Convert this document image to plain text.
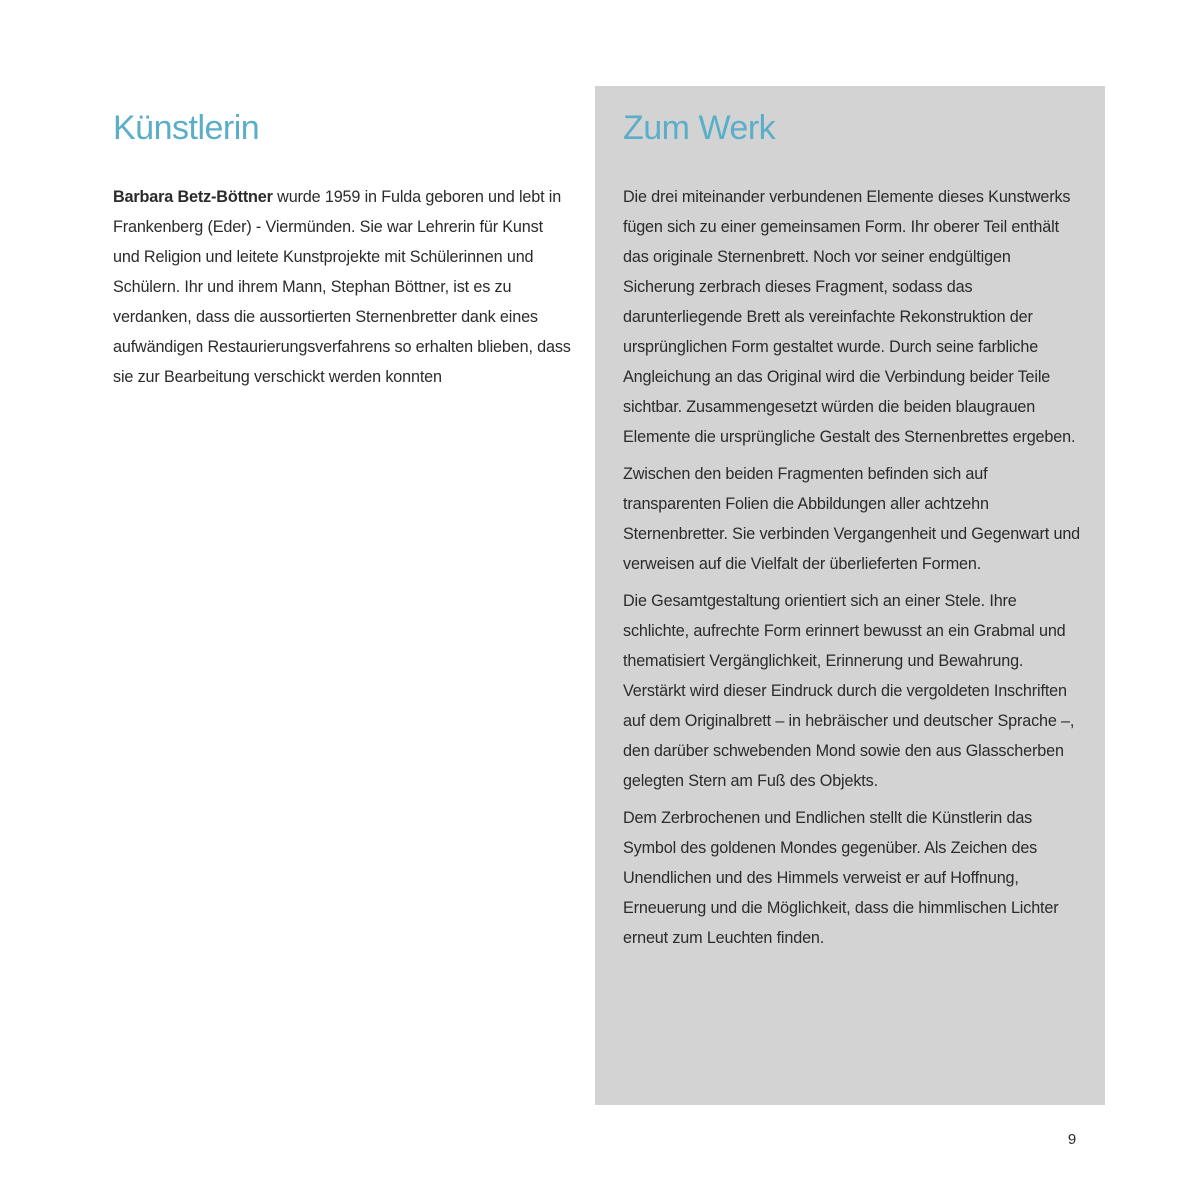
Künstlerin

Barbara Betz-Böttner wurde 1959 in Fulda geboren und lebt in Frankenberg (Eder) - Viermünden. Sie war Lehrerin für Kunst und Religion und leitete Kunstprojekte mit Schülerinnen und Schülern. Ihr und ihrem Mann, Stephan Böttner, ist es zu verdanken, dass die aussortierten Sternenbretter dank eines aufwändigen Restaurierungsverfahrens so erhalten blieben, dass sie zur Bearbeitung verschickt werden konnten

Zum Werk

Die drei miteinander verbundenen Elemente dieses Kunstwerks fügen sich zu einer gemeinsamen Form. Ihr oberer Teil enthält das originale Sternenbrett. Noch vor seiner endgültigen Sicherung zerbrach dieses Fragment, sodass das darunterliegende Brett als vereinfachte Rekonstruktion der ursprünglichen Form gestaltet wurde. Durch seine farbliche Angleichung an das Original wird die Verbindung beider Teile sichtbar. Zusammengesetzt würden die beiden blaugrauen Elemente die ursprüngliche Gestalt des Sternenbrettes ergeben.

Zwischen den beiden Fragmenten befinden sich auf transparenten Folien die Abbildungen aller achtzehn Sternenbretter. Sie verbinden Vergangenheit und Gegenwart und verweisen auf die Vielfalt der überlieferten Formen.

Die Gesamtgestaltung orientiert sich an einer Stele. Ihre schlichte, aufrechte Form erinnert bewusst an ein Grabmal und thematisiert Vergänglichkeit, Erinnerung und Bewahrung. Verstärkt wird dieser Eindruck durch die vergoldeten Inschriften auf dem Originalbrett – in hebräischer und deutscher Sprache –, den darüber schwebenden Mond sowie den aus Glasscherben gelegten Stern am Fuß des Objekts.

Dem Zerbrochenen und Endlichen stellt die Künstlerin das Symbol des goldenen Mondes gegenüber. Als Zeichen des Unendlichen und des Himmels verweist er auf Hoffnung, Erneuerung und die Möglichkeit, dass die himmlischen Lichter erneut zum Leuchten finden.

9
